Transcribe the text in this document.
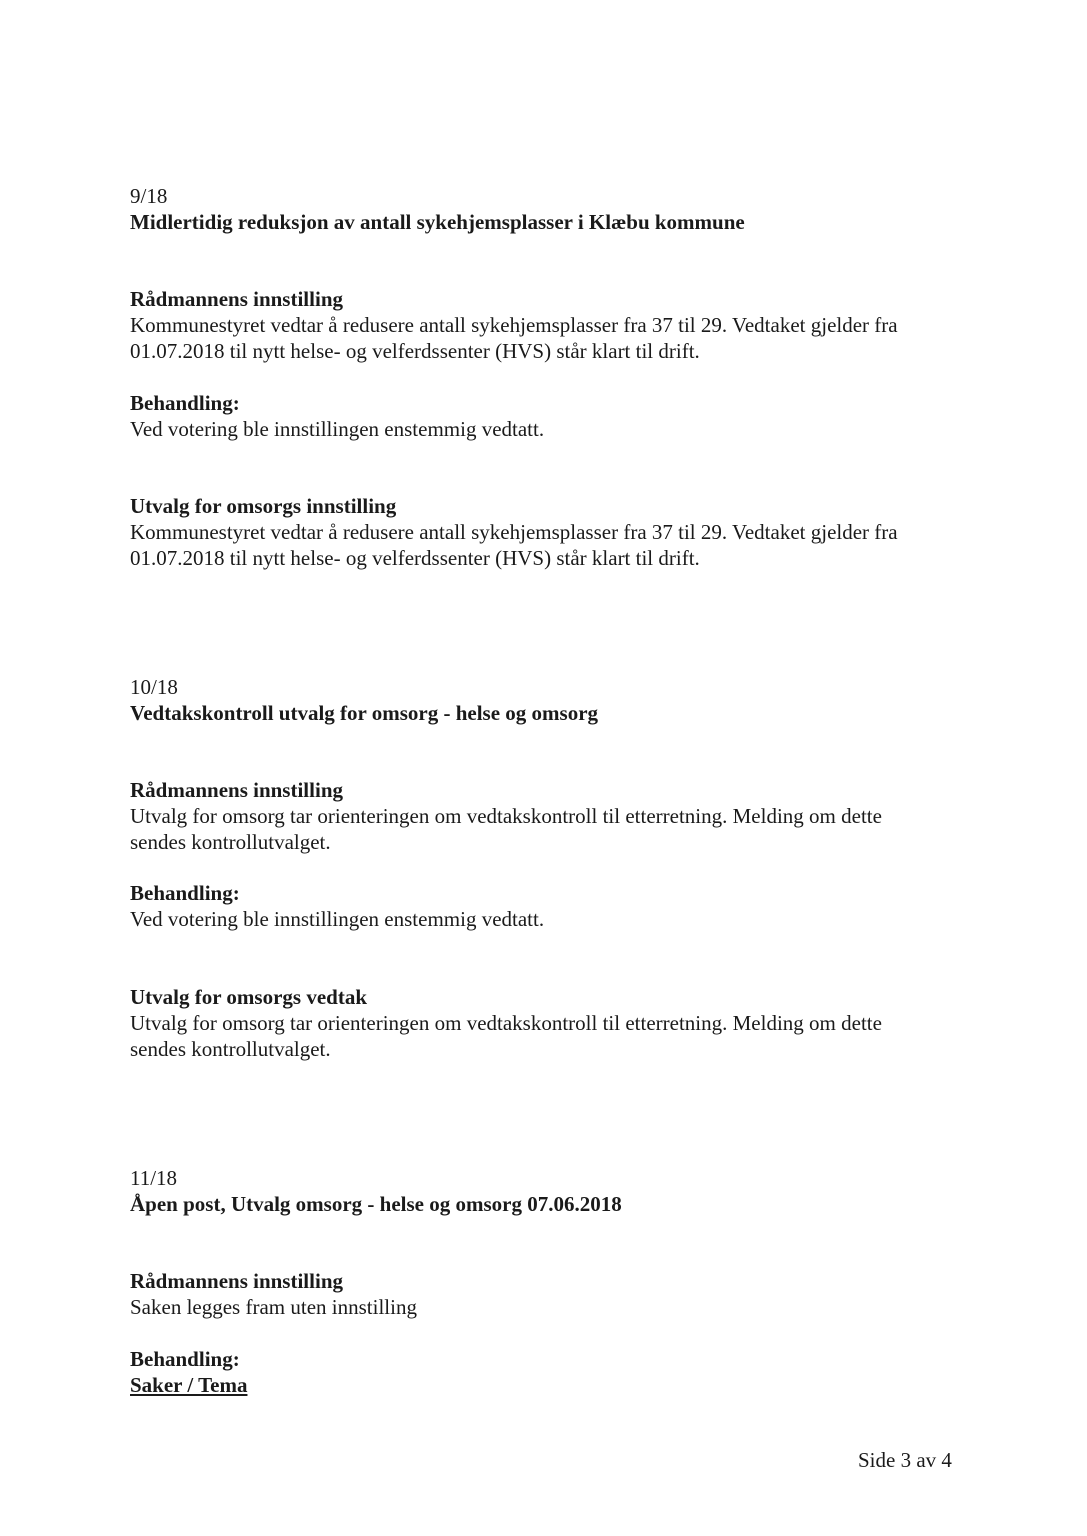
9/18
Midlertidig reduksjon av antall sykehjemsplasser i Klæbu kommune
Rådmannens innstilling
Kommunestyret vedtar å redusere antall sykehjemsplasser fra 37 til 29. Vedtaket gjelder fra
01.07.2018 til nytt helse- og velferdssenter (HVS) står klart til drift.
Behandling:
Ved votering ble innstillingen enstemmig vedtatt.
Utvalg for omsorgs innstilling
Kommunestyret vedtar å redusere antall sykehjemsplasser fra 37 til 29. Vedtaket gjelder fra
01.07.2018 til nytt helse- og velferdssenter (HVS) står klart til drift.
10/18
Vedtakskontroll utvalg for omsorg - helse og omsorg
Rådmannens innstilling
Utvalg for omsorg tar orienteringen om vedtakskontroll til etterretning. Melding om dette
sendes kontrollutvalget.
Behandling:
Ved votering ble innstillingen enstemmig vedtatt.
Utvalg for omsorgs vedtak
Utvalg for omsorg tar orienteringen om vedtakskontroll til etterretning. Melding om dette
sendes kontrollutvalget.
11/18
Åpen post, Utvalg omsorg - helse og omsorg 07.06.2018
Rådmannens innstilling
Saken legges fram uten innstilling
Behandling:
Saker / Tema
Side 3 av 4
